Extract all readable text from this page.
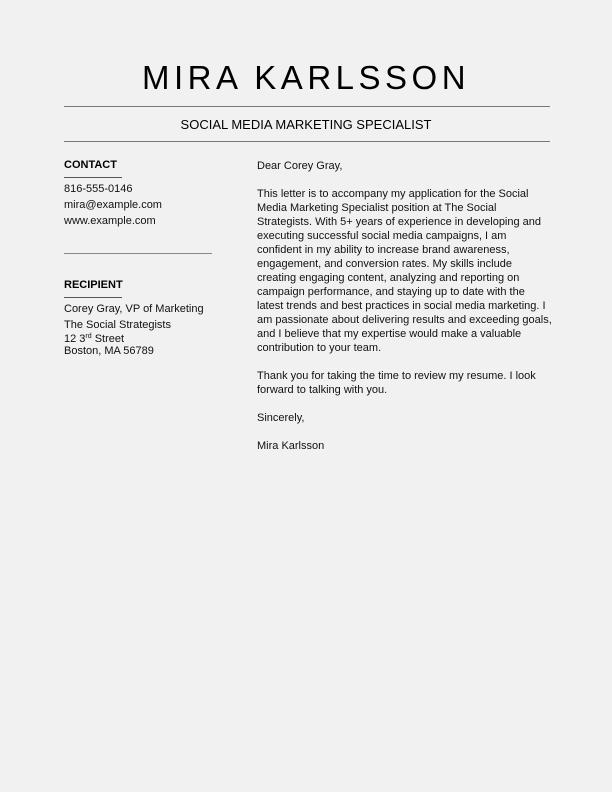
MIRA KARLSSON
SOCIAL MEDIA MARKETING SPECIALIST
CONTACT
816-555-0146
mira@example.com
www.example.com
RECIPIENT
Corey Gray, VP of Marketing
The Social Strategists
12 3rd Street
Boston, MA 56789

Dear Corey Gray,

This letter is to accompany my application for the Social Media Marketing Specialist position at The Social Strategists. With 5+ years of experience in developing and executing successful social media campaigns, I am confident in my ability to increase brand awareness, engagement, and conversion rates. My skills include creating engaging content, analyzing and reporting on campaign performance, and staying up to date with the latest trends and best practices in social media marketing. I am passionate about delivering results and exceeding goals, and I believe that my expertise would make a valuable contribution to your team.

Thank you for taking the time to review my resume. I look forward to talking with you.

Sincerely,

Mira Karlsson
